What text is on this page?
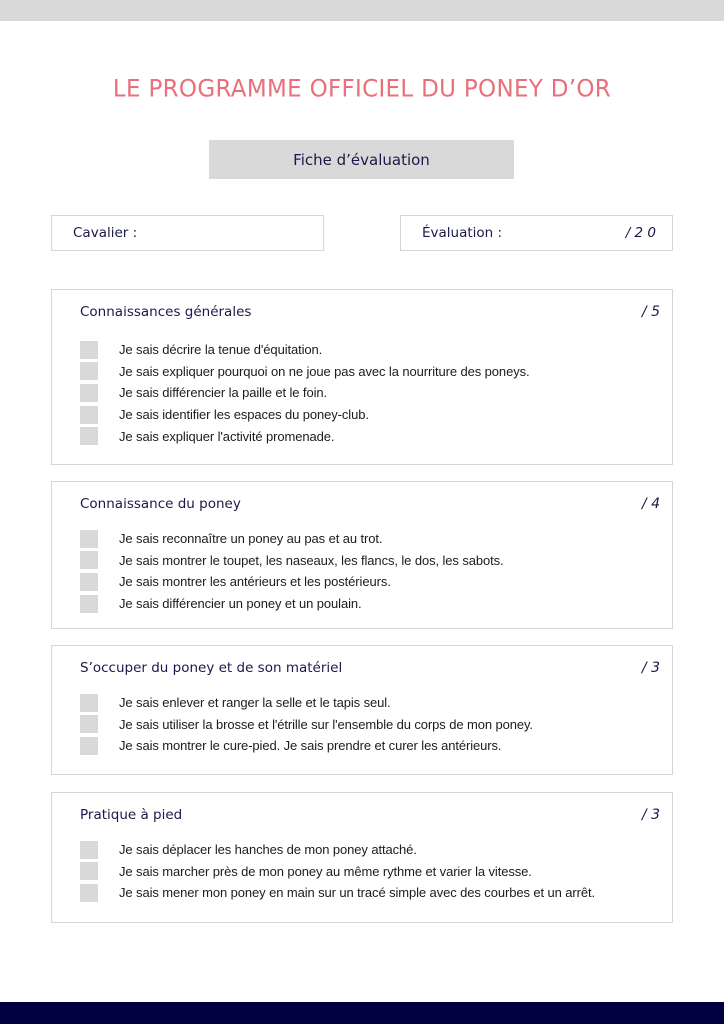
LE PROGRAMME OFFICIEL DU PONEY D’OR
Fiche d’évaluation
Cavalier :	Évaluation :	/ 2 0
Connaissances générales	/ 5
Je sais décrire la tenue d'équitation.
Je sais expliquer pourquoi on ne joue pas avec la nourriture des poneys.
Je sais différencier la paille et le foin.
Je sais identifier les espaces du poney-club.
Je sais expliquer l'activité promenade.
Connaissance du poney	/ 4
Je sais reconnaître un poney au pas et au trot.
Je sais montrer le toupet, les naseaux, les flancs, le dos, les sabots.
Je sais montrer les antérieurs et les postérieurs.
Je sais différencier un poney et un poulain.
S’occuper du poney et de son matériel	/ 3
Je sais enlever et ranger la selle et le tapis seul.
Je sais utiliser la brosse et l'étrille sur l'ensemble du corps de mon poney.
Je sais montrer le cure-pied. Je sais prendre et curer les antérieurs.
Pratique à pied	/ 3
Je sais déplacer les hanches de mon poney attaché.
Je sais marcher près de mon poney au même rythme et varier la vitesse.
Je sais mener mon poney en main sur un tracé simple avec des courbes et un arrêt.
